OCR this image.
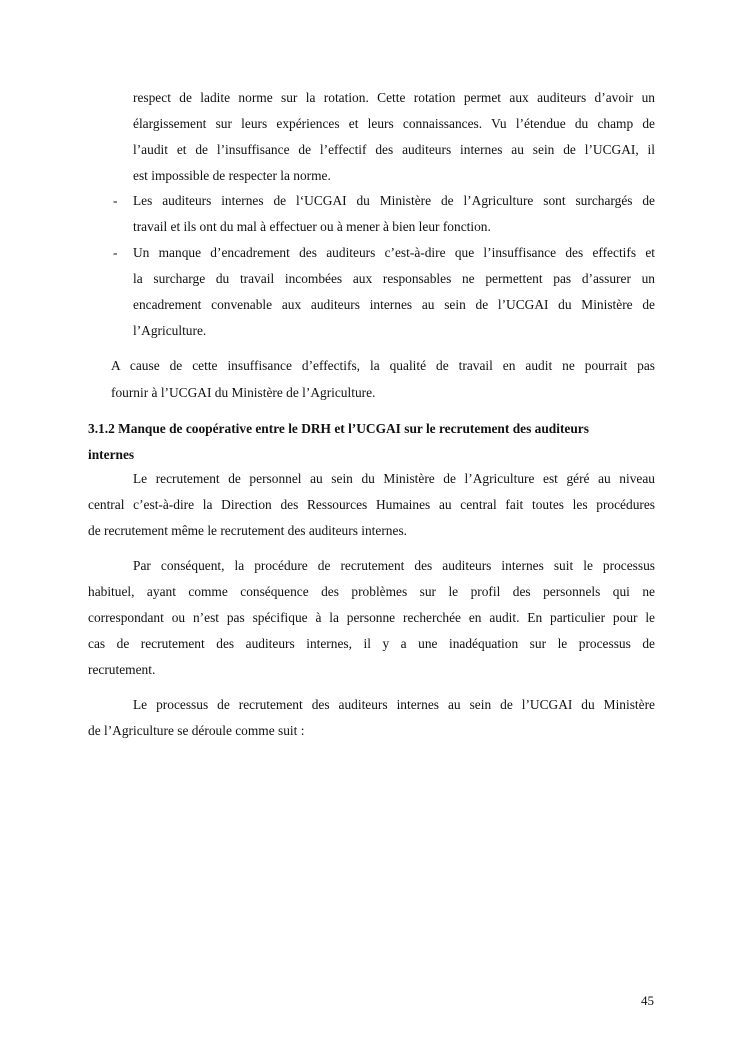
respect de ladite norme sur la rotation. Cette rotation permet aux auditeurs d’avoir un
élargissement sur leurs expériences et leurs connaissances. Vu l’étendue du champ de
l’audit et de l’insuffisance de l’effectif des auditeurs internes au sein de l’UCGAI, il
est impossible de respecter la norme.
- Les auditeurs internes de l‘UCGAI du Ministère de l’Agriculture sont surchargés de
travail et ils ont du mal à effectuer ou à mener à bien leur fonction.
- Un manque d’encadrement des auditeurs c’est-à-dire que l’insuffisance des effectifs et
la surcharge du travail incombées aux responsables ne permettent pas d’assurer un
encadrement convenable aux auditeurs internes au sein de l’UCGAI du Ministère de
l’Agriculture.
A cause de cette insuffisance d’effectifs, la qualité de travail en audit ne pourrait pas
fournir à l’UCGAI du Ministère de l’Agriculture.
3.1.2 Manque de coopérative entre le DRH et l’UCGAI sur le recrutement des auditeurs
internes
Le recrutement de personnel au sein du Ministère de l’Agriculture est géré au niveau
central c’est-à-dire la Direction des Ressources Humaines au central fait toutes les procédures
de recrutement même le recrutement des auditeurs internes.
Par conséquent, la procédure de recrutement des auditeurs internes suit le processus
habituel, ayant comme conséquence des problèmes sur le profil des personnels qui ne
correspondant ou n’est pas spécifique à la personne recherchée en audit. En particulier pour le
cas de recrutement des auditeurs internes, il y a une inadéquation sur le processus de
recrutement.
Le processus de recrutement des auditeurs internes au sein de l’UCGAI du Ministère
de l’Agriculture se déroule comme suit :
45
